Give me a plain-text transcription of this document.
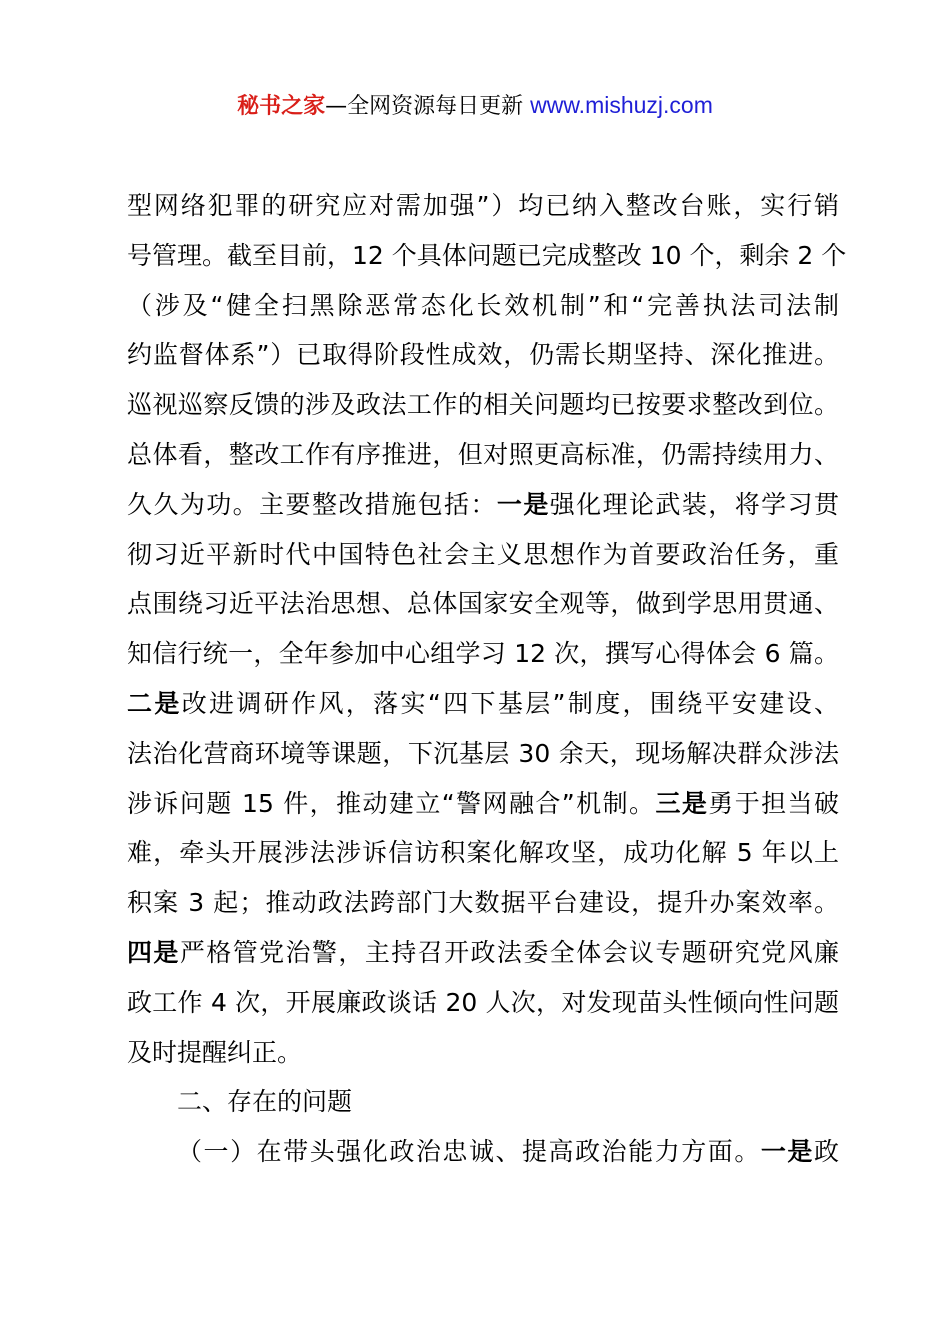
秘书之家—全网资源每日更新 www.mishuzj.com
型网络犯罪的研究应对需加强”）均已纳入整改台账，实行销
号管理。截至目前，12 个具体问题已完成整改 10 个，剩余 2 个
（涉及“健全扫黑除恶常态化长效机制”和“完善执法司法制
约监督体系”）已取得阶段性成效，仍需长期坚持、深化推进。
巡视巡察反馈的涉及政法工作的相关问题均已按要求整改到位。
总体看，整改工作有序推进，但对照更高标准，仍需持续用力、
久久为功。主要整改措施包括：一是强化理论武装，将学习贯
彻习近平新时代中国特色社会主义思想作为首要政治任务，重
点围绕习近平法治思想、总体国家安全观等，做到学思用贯通、
知信行统一，全年参加中心组学习 12 次，撰写心得体会 6 篇。
二是改进调研作风，落实“四下基层”制度，围绕平安建设、
法治化营商环境等课题，下沉基层 30 余天，现场解决群众涉法
涉诉问题 15 件，推动建立“警网融合”机制。三是勇于担当破
难，牵头开展涉法涉诉信访积案化解攻坚，成功化解 5 年以上
积案 3 起；推动政法跨部门大数据平台建设，提升办案效率。
四是严格管党治警，主持召开政法委全体会议专题研究党风廉
政工作 4 次，开展廉政谈话 20 人次，对发现苗头性倾向性问题
及时提醒纠正。
二、存在的问题
（一）在带头强化政治忠诚、提高政治能力方面。一是政
